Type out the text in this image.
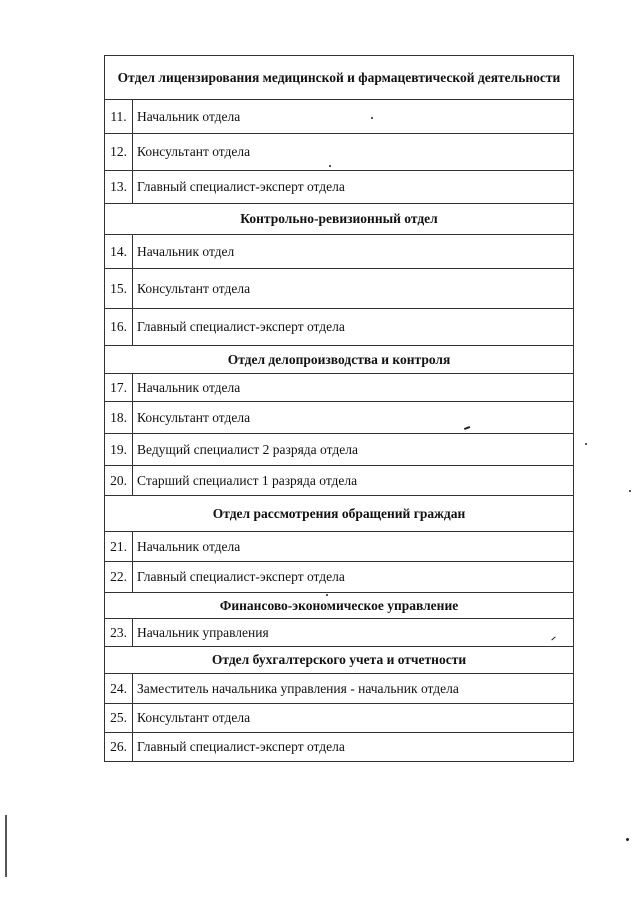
Отдел лицензирования медицинской и фармацевтической деятельности	
11.	Начальник отдела
12.	Консультант отдела
13.	Главный специалист-эксперт отдела
Контрольно-ревизионный отдел	
14.	Начальник отдел
15.	Консультант отдела
16.	Главный специалист-эксперт отдела
Отдел делопроизводства и контроля	
17.	Начальник отдела
18.	Консультант отдела
19.	Ведущий специалист 2 разряда отдела
20.	Старший специалист 1 разряда отдела
Отдел рассмотрения обращений граждан	
21.	Начальник отдела
22.	Главный специалист-эксперт отдела
Финансово-экономическое управление	
23.	Начальник управления
Отдел бухгалтерского учета и отчетности	
24.	Заместитель начальника управления - начальник отдела
25.	Консультант отдела
26.	Главный специалист-эксперт отдела
